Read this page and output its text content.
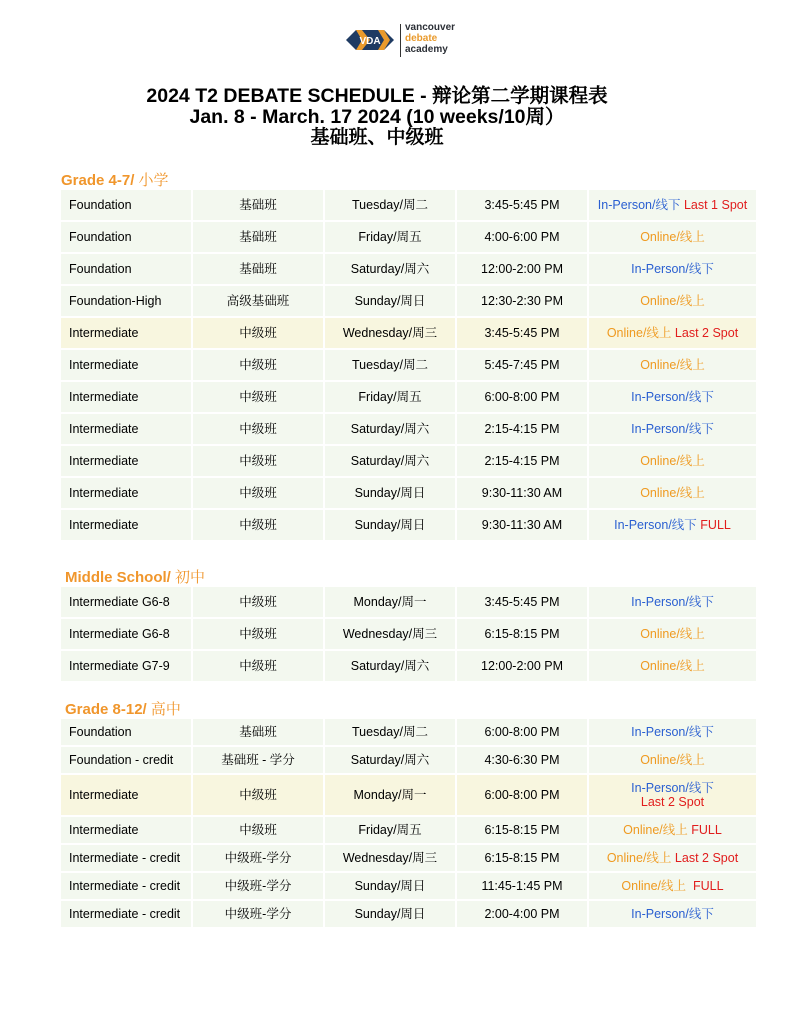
VDA
vancouver
debate
academy
2024 T2 DEBATE SCHEDULE - 辩论第二学期课程表
Jan. 8 - March. 17 2024 (10 weeks/10周）
基础班、中级班
Grade 4-7/ 小学
Middle School/ 初中
Grade 8-12/ 高中
Foundation	基础班	Tuesday/周二	3:45-5:45 PM	In-Person/线下 Last 1 Spot
Foundation	基础班	Friday/周五	4:00-6:00 PM	Online/线上
Foundation	基础班	Saturday/周六	12:00-2:00 PM	In-Person/线下
Foundation-High	高级基础班	Sunday/周日	12:30-2:30 PM	Online/线上
Intermediate	中级班	Wednesday/周三	3:45-5:45 PM	Online/线上 Last 2 Spot
Intermediate	中级班	Tuesday/周二	5:45-7:45 PM	Online/线上
Intermediate	中级班	Friday/周五	6:00-8:00 PM	In-Person/线下
Intermediate	中级班	Saturday/周六	2:15-4:15 PM	In-Person/线下
Intermediate	中级班	Saturday/周六	2:15-4:15 PM	Online/线上
Intermediate	中级班	Sunday/周日	9:30-11:30 AM	Online/线上
Intermediate	中级班	Sunday/周日	9:30-11:30 AM	In-Person/线下 FULL
Intermediate G6-8	中级班	Monday/周一	3:45-5:45 PM	In-Person/线下
Intermediate G6-8	中级班	Wednesday/周三	6:15-8:15 PM	Online/线上
Intermediate G7-9	中级班	Saturday/周六	12:00-2:00 PM	Online/线上
Foundation	基础班	Tuesday/周二	6:00-8:00 PM	In-Person/线下
Foundation - credit	基础班 - 学分	Saturday/周六	4:30-6:30 PM	Online/线上
Intermediate	中级班	Monday/周一	6:00-8:00 PM	In-Person/线下
Last 2 Spot
Intermediate	中级班	Friday/周五	6:15-8:15 PM	Online/线上 FULL
Intermediate - credit	中级班-学分	Wednesday/周三	6:15-8:15 PM	Online/线上 Last 2 Spot
Intermediate - credit	中级班-学分	Sunday/周日	11:45-1:45 PM	Online/线上  FULL
Intermediate - credit	中级班-学分	Sunday/周日	2:00-4:00 PM	In-Person/线下
